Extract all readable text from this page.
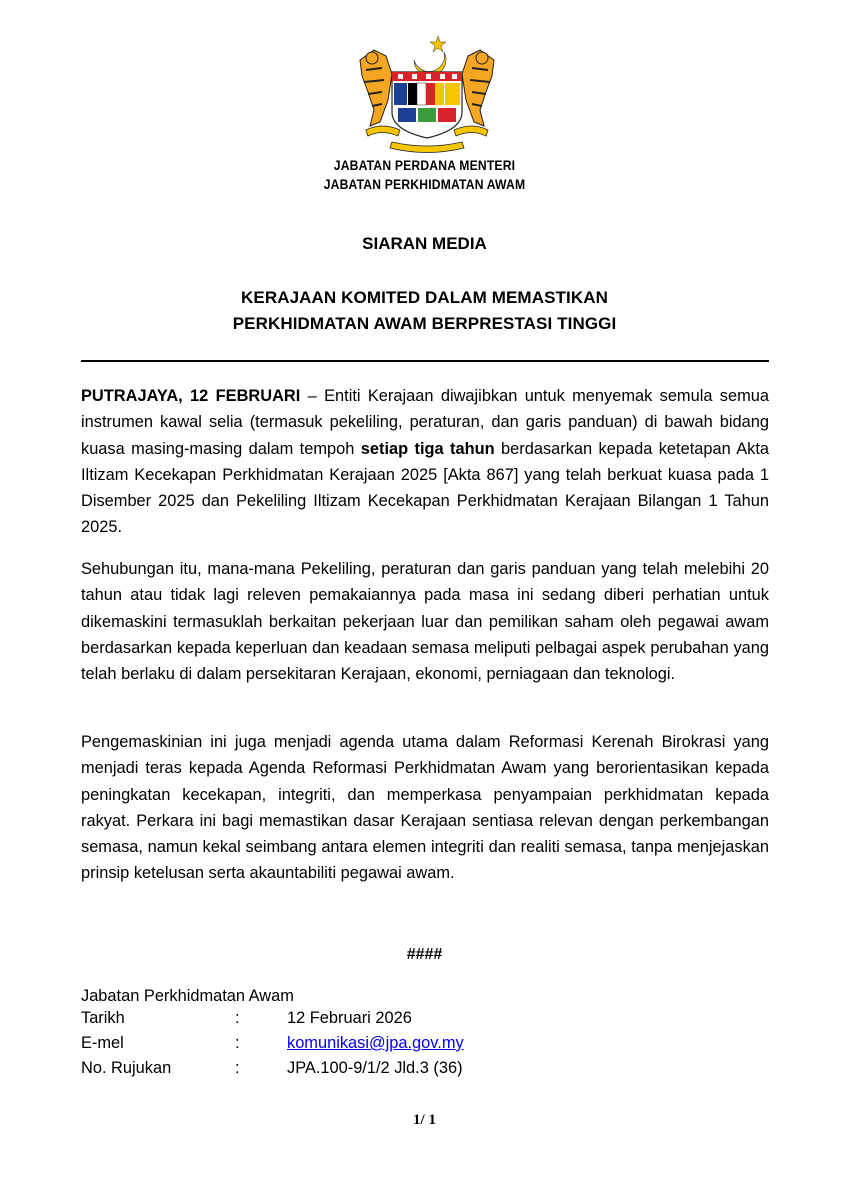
JABATAN PERDANA MENTERI
JABATAN PERKHIDMATAN AWAM
SIARAN MEDIA
KERAJAAN KOMITED DALAM MEMASTIKAN
PERKHIDMATAN AWAM BERPRESTASI TINGGI
PUTRAJAYA, 12 FEBRUARI – Entiti Kerajaan diwajibkan untuk menyemak semula semua instrumen kawal selia (termasuk pekeliling, peraturan, dan garis panduan) di bawah bidang kuasa masing-masing dalam tempoh setiap tiga tahun berdasarkan kepada ketetapan Akta Iltizam Kecekapan Perkhidmatan Kerajaan 2025 [Akta 867] yang telah berkuat kuasa pada 1 Disember 2025 dan Pekeliling Iltizam Kecekapan Perkhidmatan Kerajaan Bilangan 1 Tahun 2025.
Sehubungan itu, mana-mana Pekeliling, peraturan dan garis panduan yang telah melebihi 20 tahun atau tidak lagi releven pemakaiannya pada masa ini sedang diberi perhatian untuk dikemaskini termasuklah berkaitan pekerjaan luar dan pemilikan saham oleh pegawai awam berdasarkan kepada keperluan dan keadaan semasa meliputi pelbagai aspek perubahan yang telah berlaku di dalam persekitaran Kerajaan, ekonomi, perniagaan dan teknologi.
Pengemaskinian ini juga menjadi agenda utama dalam Reformasi Kerenah Birokrasi yang menjadi teras kepada Agenda Reformasi Perkhidmatan Awam yang berorientasikan kepada peningkatan kecekapan, integriti, dan memperkasa penyampaian perkhidmatan kepada rakyat. Perkara ini bagi memastikan dasar Kerajaan sentiasa relevan dengan perkembangan semasa, namun kekal seimbang antara elemen integriti dan realiti semasa, tanpa menjejaskan prinsip ketelusan serta akauntabiliti pegawai awam.
####
Jabatan Perkhidmatan Awam
Tarikh	:	12 Februari 2026
E-mel	:	komunikasi@jpa.gov.my
No. Rujukan	:	JPA.100-9/1/2 Jld.3 (36)
1/ 1
